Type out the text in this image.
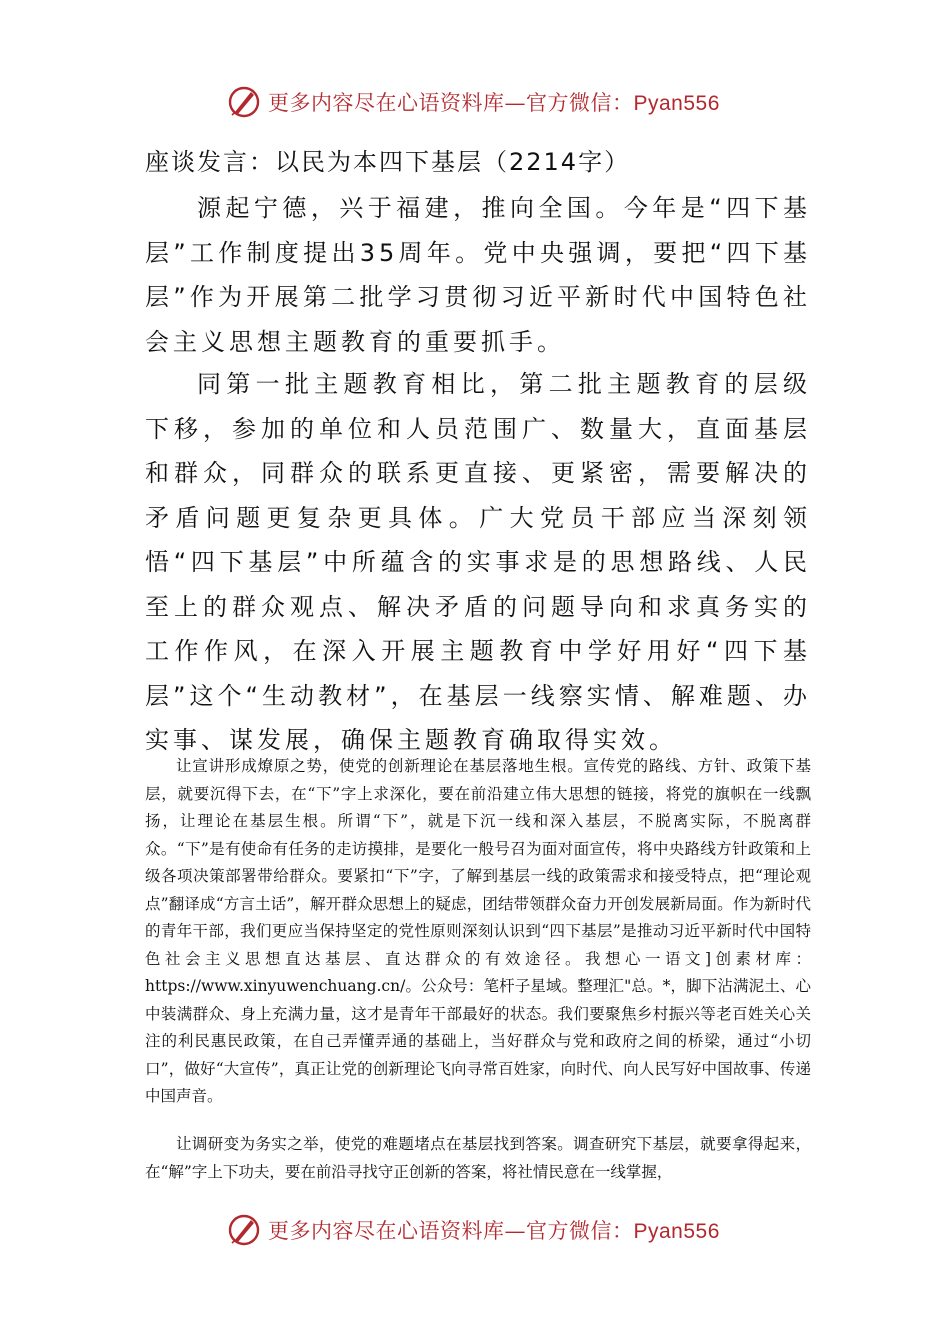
更多内容尽在心语资料库—官方微信：Pyan556
座谈发言：以民为本四下基层（2214字）

源起宁德，兴于福建，推向全国。今年是“四下基层”工作制度提出35周年。党中央强调，要把“四下基层”作为开展第二批学习贯彻习近平新时代中国特色社会主义思想主题教育的重要抓手。

同第一批主题教育相比，第二批主题教育的层级下移，参加的单位和人员范围广、数量大，直面基层和群众，同群众的联系更直接、更紧密，需要解决的矛盾问题更复杂更具体。广大党员干部应当深刻领悟“四下基层”中所蕴含的实事求是的思想路线、人民至上的群众观点、解决矛盾的问题导向和求真务实的工作作风，在深入开展主题教育中学好用好“四下基层”这个“生动教材”，在基层一线察实情、解难题、办实事、谋发展，确保主题教育确取得实效。

让宣讲形成燎原之势，使党的创新理论在基层落地生根。宣传党的路线、方针、政策下基层，就要沉得下去，在“下”字上求深化，要在前沿建立伟大思想的链接，将党的旗帜在一线飘扬，让理论在基层生根。所谓“下”，就是下沉一线和深入基层，不脱离实际，不脱离群众。“下”是有使命有任务的走访摸排，是要化一般号召为面对面宣传，将中央路线方针政策和上级各项决策部署带给群众。要紧扣“下”字，了解到基层一线的政策需求和接受特点，把“理论观点”翻译成“方言土话”，解开群众思想上的疑虑，团结带领群众奋力开创发展新局面。作为新时代的青年干部，我们更应当保持坚定的党性原则深刻认识到“四下基层”是推动习近平新时代中国特色社会主义思想直达基层、直达群众的有效途径。我想心一语文]创素材库：https://www.xinyuwenchuang.cn/。公众号：笔杆子星域。整理汇"总。*，脚下沾满泥土、心中装满群众、身上充满力量，这才是青年干部最好的状态。我们要聚焦乡村振兴等老百姓关心关注的利民惠民政策，在自己弄懂弄通的基础上，当好群众与党和政府之间的桥梁，通过“小切口”，做好“大宣传”，真正让党的创新理论飞向寻常百姓家，向时代、向人民写好中国故事、传递中国声音。

让调研变为务实之举，使党的难题堵点在基层找到答案。调查研究下基层，就要拿得起来，在“解”字上下功夫，要在前沿寻找守正创新的答案，将社情民意在一线掌握，

更多内容尽在心语资料库—官方微信：Pyan556
